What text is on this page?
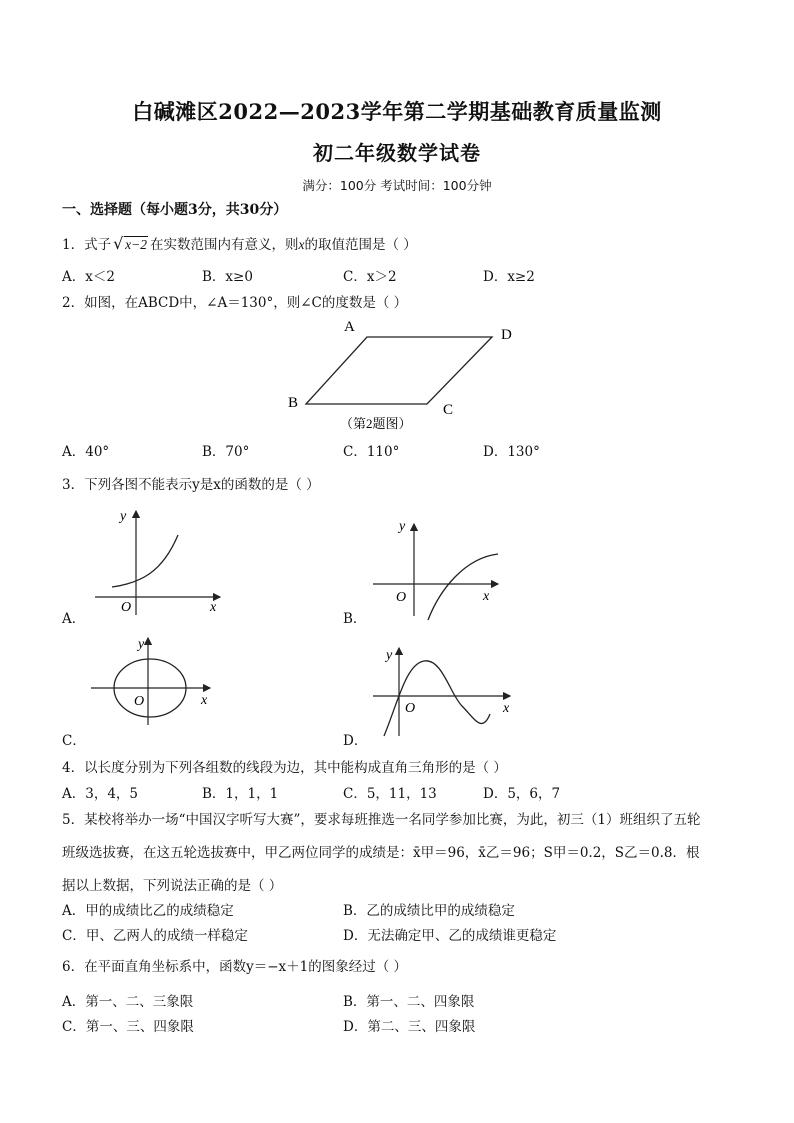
白碱滩区2022—2023学年第二学期基础教育质量监测
初二年级数学试卷
满分：100分 考试时间：100分钟
一、选择题（每小题3分，共30分）
1．式子 √ x−2 在实数范围内有意义，则x的取值范围是（ ）
A．x＜2	B．x≥0	C．x＞2	D．x≥2
2．如图，在ABCD中，∠A＝130°，则∠C的度数是（ ）
A	D
B	C
（第2题图）
A．40°	B．70°	C．110°	D．130°
3．下列各图不能表示y是x的函数的是（ ）
y
x
O
A．
y
x
O
B．
y
x
O
C．
y
x
O
D．
4．以长度分别为下列各组数的线段为边，其中能构成直角三角形的是（ ）
A．3，4，5	B．1，1，1	C．5，11，13	D．5，6，7
5．某校将举办一场“中国汉字听写大赛”，要求每班推选一名同学参加比赛，为此，初三（1）班组织了五轮
班级选拔赛，在这五轮选拔赛中，甲乙两位同学的成绩是：x̄甲＝96，x̄乙＝96；S甲＝0.2，S乙＝0.8．根
据以上数据，下列说法正确的是（ ）
A．甲的成绩比乙的成绩稳定	B．乙的成绩比甲的成绩稳定
C．甲、乙两人的成绩一样稳定	D．无法确定甲、乙的成绩谁更稳定
6．在平面直角坐标系中，函数y＝−x＋1的图象经过（ ）
A．第一、二、三象限	B．第一、二、四象限
C．第一、三、四象限	D．第二、三、四象限
